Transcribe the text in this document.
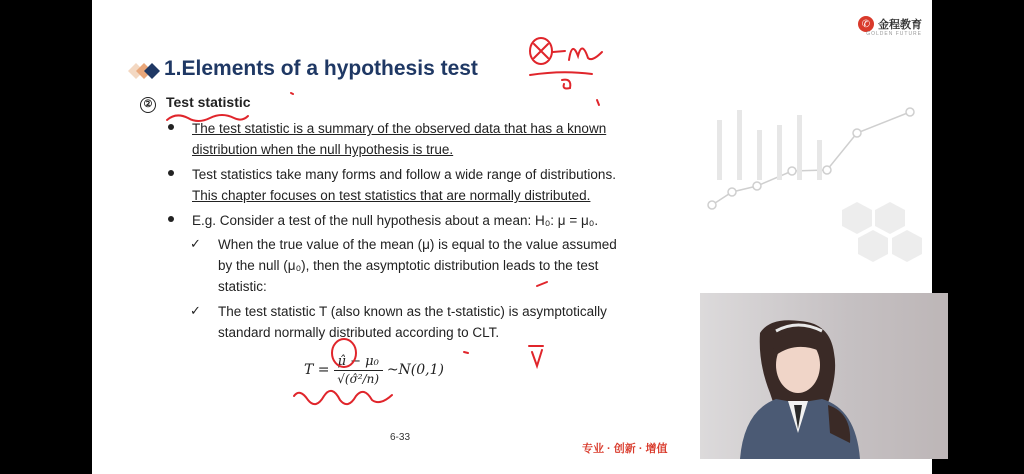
✆ 金程教育
GOLDEN FUTURE
1.Elements of a hypothesis test
② Test statistic
The test statistic is a summary of the observed data that has a known
distribution when the null hypothesis is true.
Test statistics take many forms and follow a wide range of distributions.
This chapter focuses on test statistics that are normally distributed.
E.g. Consider a test of the null hypothesis about a mean: H₀: μ = μ₀.
✓ When the true value of the mean (μ) is equal to the value assumed
by the null (μ₀), then the asymptotic distribution leads to the test
statistic:
✓ The test statistic T (also known as the t-statistic) is asymptotically
standard normally distributed according to CLT.
$T = \frac{\text{μ̂ − μ₀}}{\text{√(σ̂²/n)}}$ ~N(0,1)
6-33
专业 · 创新 · 增值
